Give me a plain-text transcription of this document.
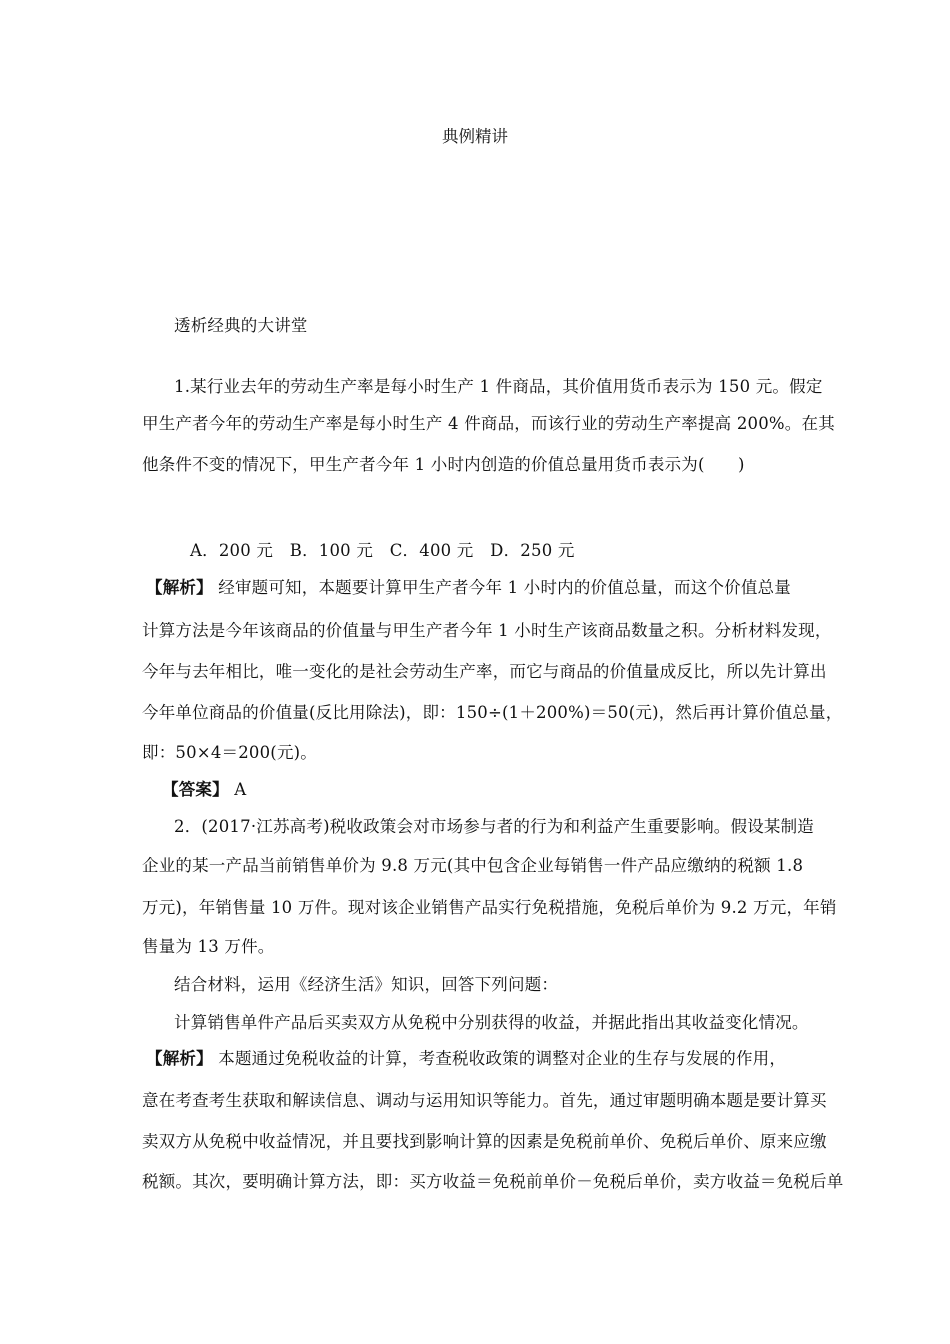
典例精讲
透析经典的大讲堂
1.某行业去年的劳动生产率是每小时生产 1 件商品，其价值用货币表示为 150 元。假定
甲生产者今年的劳动生产率是每小时生产 4 件商品，而该行业的劳动生产率提高 200%。在其
他条件不变的情况下，甲生产者今年 1 小时内创造的价值总量用货币表示为(　　)
A．200 元　B．100 元　C．400 元　D．250 元
【解析】 经审题可知，本题要计算甲生产者今年 1 小时内的价值总量，而这个价值总量
计算方法是今年该商品的价值量与甲生产者今年 1 小时生产该商品数量之积。分析材料发现，
今年与去年相比，唯一变化的是社会劳动生产率，而它与商品的价值量成反比，所以先计算出
今年单位商品的价值量(反比用除法)，即：150÷(1＋200%)＝50(元)，然后再计算价值总量，
即：50×4＝200(元)。
【答案】 A
2．(2017·江苏高考)税收政策会对市场参与者的行为和利益产生重要影响。假设某制造
企业的某一产品当前销售单价为 9.8 万元(其中包含企业每销售一件产品应缴纳的税额 1.8
万元)，年销售量 10 万件。现对该企业销售产品实行免税措施，免税后单价为 9.2 万元，年销
售量为 13 万件。
结合材料，运用《经济生活》知识，回答下列问题：
计算销售单件产品后买卖双方从免税中分别获得的收益，并据此指出其收益变化情况。
【解析】 本题通过免税收益的计算，考查税收政策的调整对企业的生存与发展的作用，
意在考查考生获取和解读信息、调动与运用知识等能力。首先，通过审题明确本题是要计算买
卖双方从免税中收益情况，并且要找到影响计算的因素是免税前单价、免税后单价、原来应缴
税额。其次，要明确计算方法，即：买方收益＝免税前单价－免税后单价，卖方收益＝免税后单
